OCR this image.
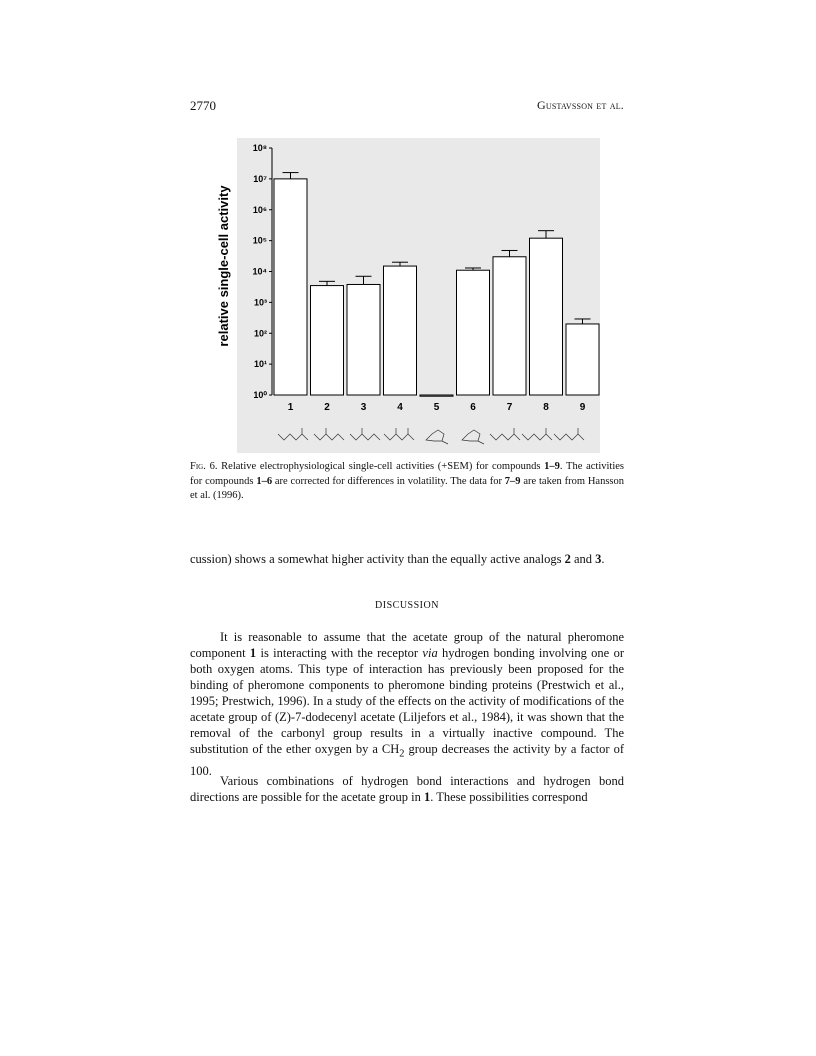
2770	Gustavsson et al.
10⁰
10¹
10²
10³
10⁴
10⁵
10⁶
10⁷
10⁸
1	2	3	4	5	6	7	8	9
relative single-cell activity
Fig. 6. Relative electrophysiological single-cell activities (+SEM) for compounds 1–9. The activities for compounds 1–6 are corrected for differences in volatility. The data for 7–9 are taken from Hansson et al. (1996).
cussion) shows a somewhat higher activity than the equally active analogs 2 and 3.
DISCUSSION
It is reasonable to assume that the acetate group of the natural pheromone component 1 is interacting with the receptor via hydrogen bonding involving one or both oxygen atoms. This type of interaction has previously been proposed for the binding of pheromone components to pheromone binding proteins (Prestwich et al., 1995; Prestwich, 1996). In a study of the effects on the activity of modifications of the acetate group of (Z)-7-dodecenyl acetate (Liljefors et al., 1984), it was shown that the removal of the carbonyl group results in a virtually inactive compound. The substitution of the ether oxygen by a $CH_2$ group decreases the activity by a factor of 100.
Various combinations of hydrogen bond interactions and hydrogen bond directions are possible for the acetate group in 1. These possibilities correspond
